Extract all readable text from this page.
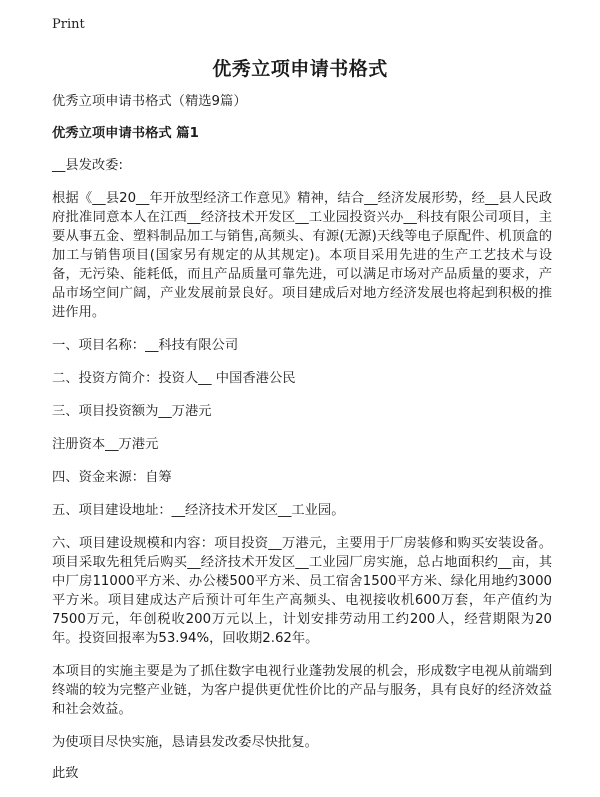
Print
优秀立项申请书格式

优秀立项申请书格式（精选9篇）

优秀立项申请书格式 篇1

__县发改委:

根据《__县20__年开放型经济工作意见》精神，结合__经济发展形势，经__县人民政府批准同意本人在江西__经济技术开发区__工业园投资兴办__科技有限公司项目，主要从事五金、塑料制品加工与销售,高频头、有源(无源)天线等电子原配件、机顶盒的加工与销售项目(国家另有规定的从其规定)。本项目采用先进的生产工艺技术与设备，无污染、能耗低，而且产品质量可靠先进，可以满足市场对产品质量的要求，产品市场空间广阔，产业发展前景良好。项目建成后对地方经济发展也将起到积极的推进作用。

一、项目名称：__科技有限公司

二、投资方简介：投资人__ 中国香港公民

三、项目投资额为__万港元

注册资本__万港元

四、资金来源：自筹

五、项目建设地址：__经济技术开发区__工业园。

六、项目建设规模和内容：项目投资__万港元，主要用于厂房装修和购买安装设备。项目采取先租凭后购买__经济技术开发区__工业园厂房实施，总占地面积约__亩，其中厂房11000平方米、办公楼500平方米、员工宿舍1500平方米、绿化用地约3000平方米。项目建成达产后预计可年生产高频头、电视接收机600万套，年产值约为7500万元，年创税收200万元以上，计划安排劳动用工约200人，经营期限为20年。投资回报率为53.94%，回收期2.62年。

本项目的实施主要是为了抓住数字电视行业蓬勃发展的机会，形成数字电视从前端到终端的较为完整产业链，为客户提供更优性价比的产品与服务，具有良好的经济效益和社会效益。

为使项目尽快实施，恳请县发改委尽快批复。

此致
